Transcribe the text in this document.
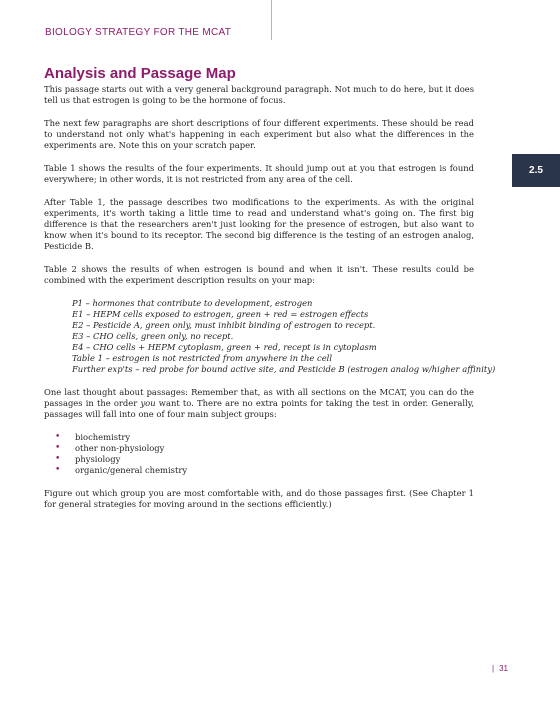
BIOLOGY STRATEGY FOR THE MCAT
2.5
Analysis and Passage Map

This passage starts out with a very general background paragraph. Not much to do here, but it does tell us that estrogen is going to be the hormone of focus.

The next few paragraphs are short descriptions of four different experiments. These should be read to understand not only what's happening in each experiment but also what the differences in the experiments are. Note this on your scratch paper.

Table 1 shows the results of the four experiments. It should jump out at you that estrogen is found everywhere; in other words, it is not restricted from any area of the cell.

After Table 1, the passage describes two modifications to the experiments. As with the original experiments, it's worth taking a little time to read and understand what's going on. The first big difference is that the researchers aren't just looking for the presence of estrogen, but also want to know when it's bound to its receptor. The second big difference is the testing of an estrogen analog, Pesticide B.

Table 2 shows the results of when estrogen is bound and when it isn't. These results could be combined with the experiment description results on your map:

P1 – hormones that contribute to development, estrogen
E1 – HEPM cells exposed to estrogen, green + red = estrogen effects
E2 – Pesticide A, green only, must inhibit binding of estrogen to recept.
E3 – CHO cells, green only, no recept.
E4 – CHO cells + HEPM cytoplasm, green + red, recept is in cytoplasm
Table 1 – estrogen is not restricted from anywhere in the cell
Further exp'ts – red probe for bound active site, and Pesticide B (estrogen analog w/higher affinity)

One last thought about passages: Remember that, as with all sections on the MCAT, you can do the passages in the order you want to. There are no extra points for taking the test in order. Generally, passages will fall into one of four main subject groups:

•	biochemistry
•	other non-physiology
•	physiology
•	organic/general chemistry

Figure out which group you are most comfortable with, and do those passages first. (See Chapter 1 for general strategies for moving around in the sections efficiently.)

| 31
